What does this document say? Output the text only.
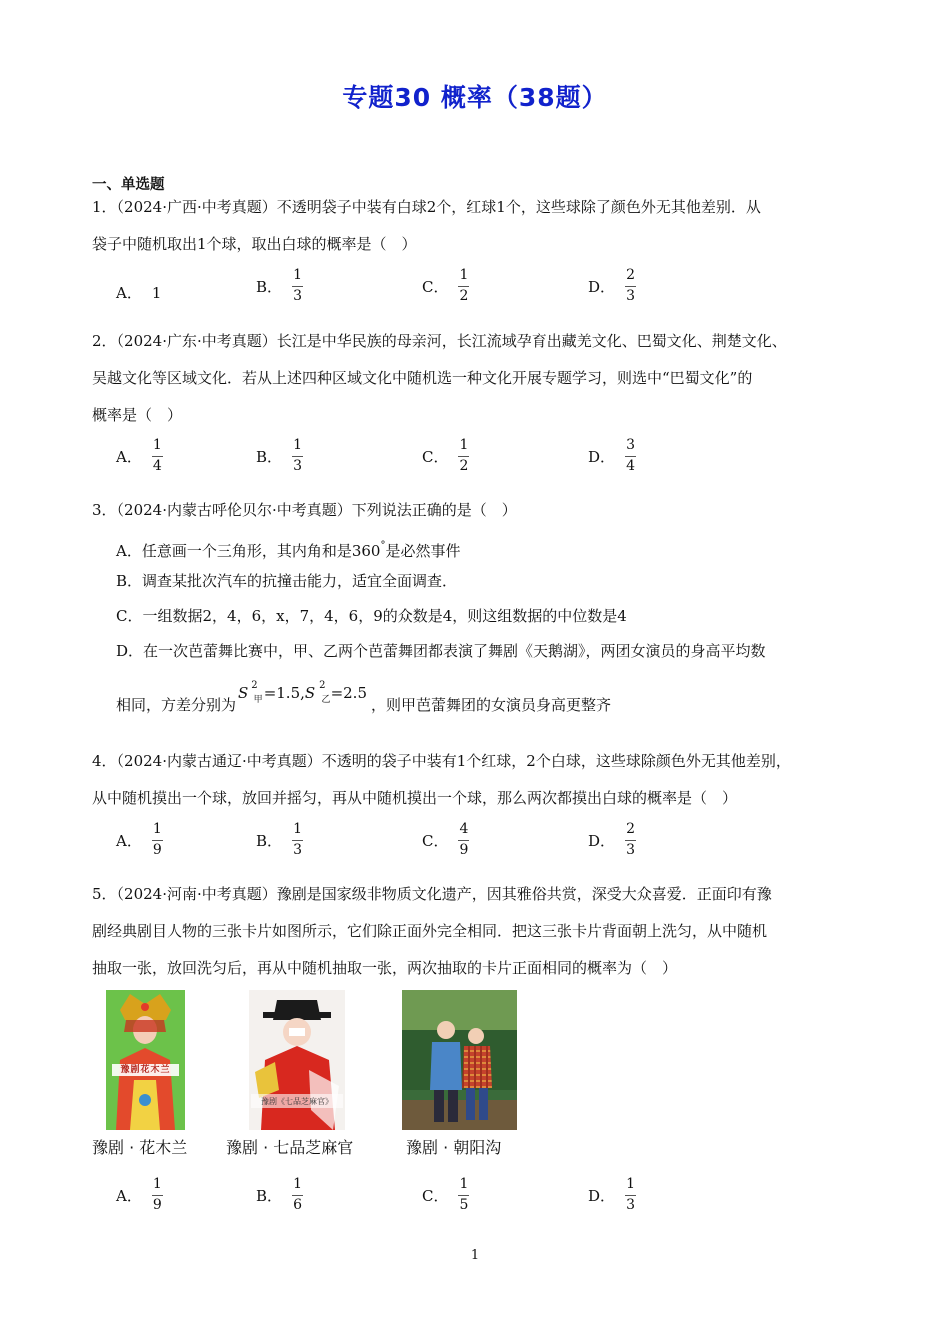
专题30 概率（38题）
一、单选题
1．（2024·广西·中考真题）不透明袋子中装有白球2个，红球1个，这些球除了颜色外无其他差别．从
袋子中随机取出1个球，取出白球的概率是（　）
A． 1	B． $\frac{1}{3}$	C． $\frac{1}{2}$	D． $\frac{2}{3}$
2．（2024·广东·中考真题）长江是中华民族的母亲河，长江流域孕育出藏羌文化、巴蜀文化、荆楚文化、
吴越文化等区域文化．若从上述四种区域文化中随机选一种文化开展专题学习，则选中“巴蜀文化”的
概率是（　）
A． $\frac{1}{4}$	B． $\frac{1}{3}$	C． $\frac{1}{2}$	D． $\frac{3}{4}$
3．（2024·内蒙古呼伦贝尔·中考真题）下列说法正确的是（　）
A．任意画一个三角形，其内角和是360°是必然事件
B．调查某批次汽车的抗撞击能力，适宜全面调查．
C．一组数据2，4，6，x，7，4，6，9的众数是4，则这组数据的中位数是4
D．在一次芭蕾舞比赛中，甲、乙两个芭蕾舞团都表演了舞剧《天鹅湖》，两团女演员的身高平均数
相同，方差分别为S $_{^2甲}$=1.5,S $_{^2乙}$=2.5，则甲芭蕾舞团的女演员身高更整齐
4．（2024·内蒙古通辽·中考真题）不透明的袋子中装有1个红球，2个白球，这些球除颜色外无其他差别，
从中随机摸出一个球，放回并摇匀，再从中随机摸出一个球，那么两次都摸出白球的概率是（　）
A． $\frac{1}{9}$	B． $\frac{1}{3}$	C． $\frac{4}{9}$	D． $\frac{2}{3}$
5．（2024·河南·中考真题）豫剧是国家级非物质文化遗产，因其雅俗共赏，深受大众喜爱．正面印有豫
剧经典剧目人物的三张卡片如图所示，它们除正面外完全相同．把这三张卡片背面朝上洗匀，从中随机
抽取一张，放回洗匀后，再从中随机抽取一张，两次抽取的卡片正面相同的概率为（　）
豫剧花木兰
豫剧《七品芝麻官》
豫剧 · 花木兰 豫剧 · 七品芝麻官	豫剧 · 朝阳沟
A． $\frac{1}{9}$	B． $\frac{1}{6}$	C． $\frac{1}{5}$	D． $\frac{1}{3}$
1
